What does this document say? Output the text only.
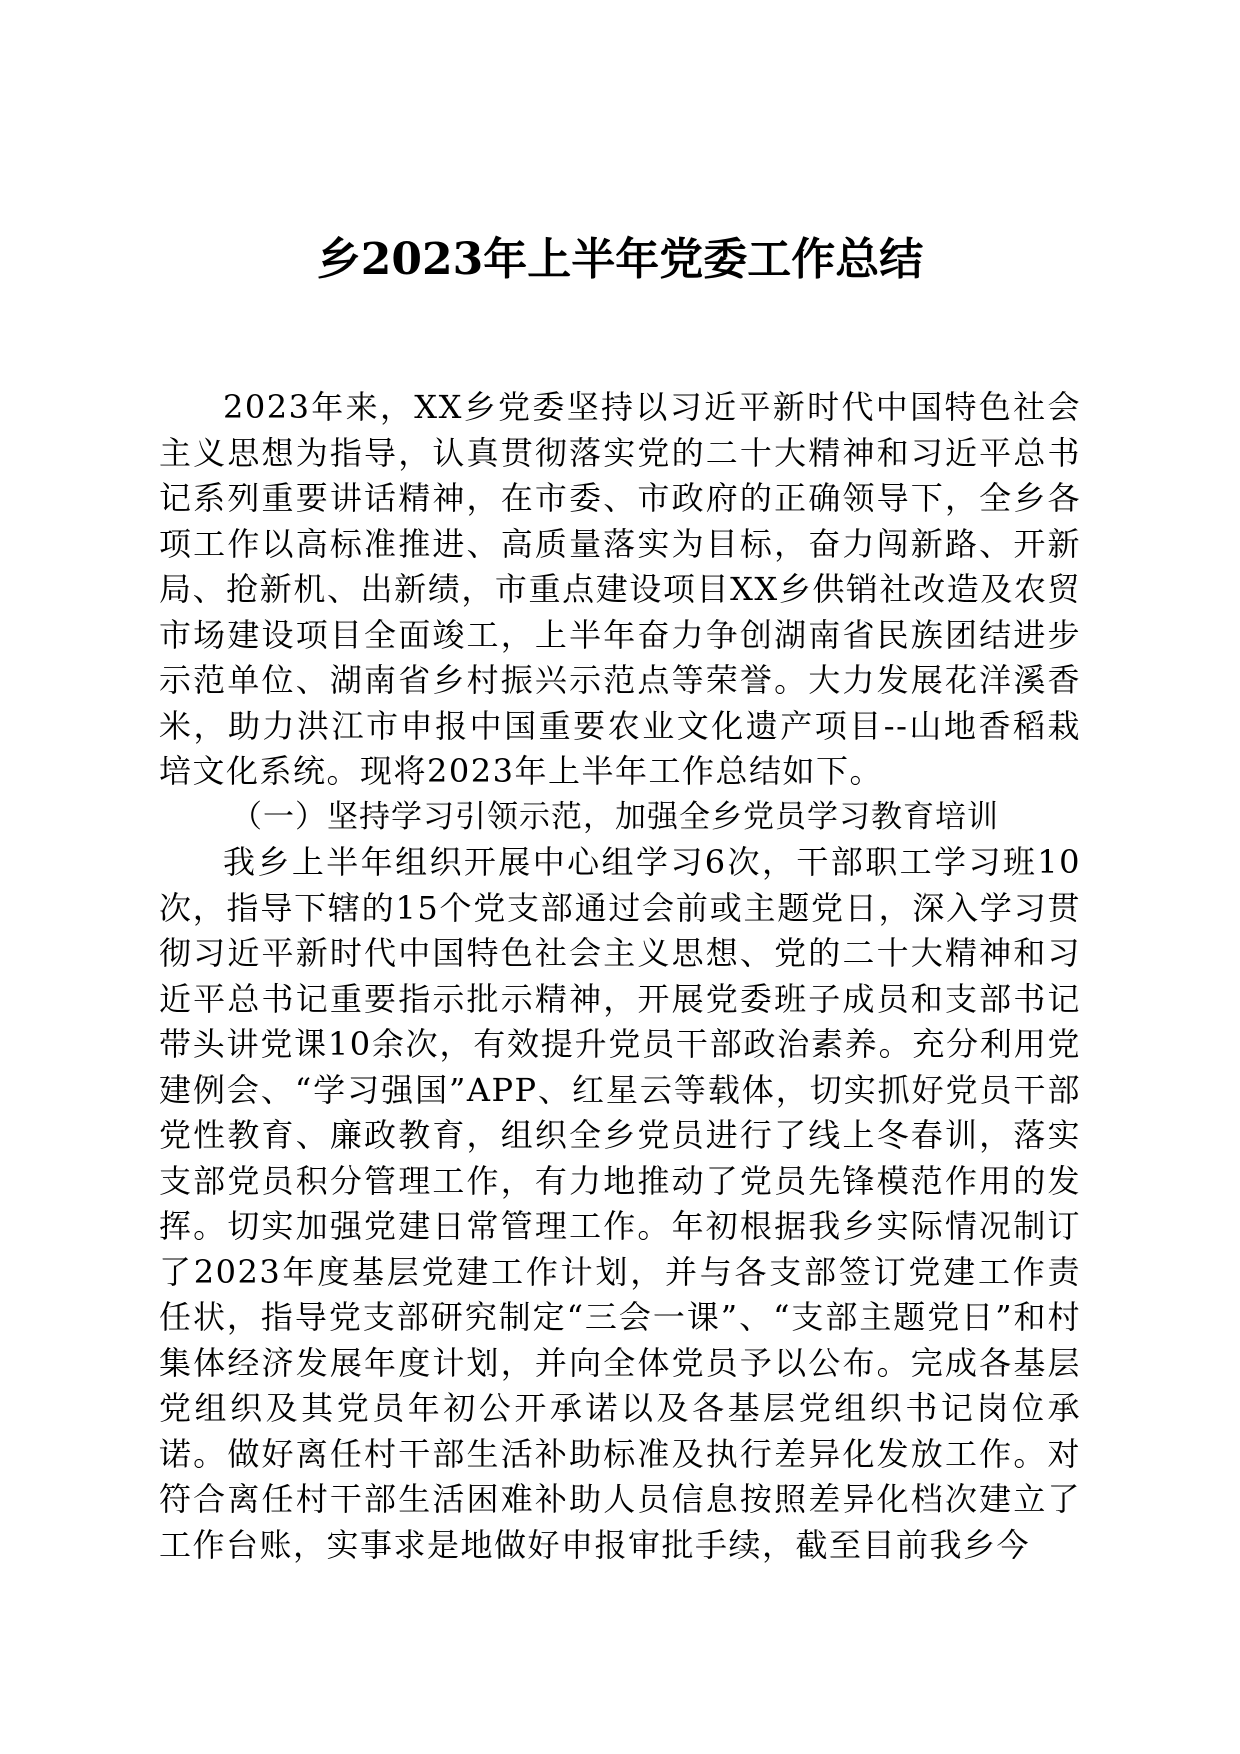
乡2023年上半年党委工作总结

2023年来，XX乡党委坚持以习近平新时代中国特色社会主义思想为指导，认真贯彻落实党的二十大精神和习近平总书记系列重要讲话精神，在市委、市政府的正确领导下，全乡各项工作以高标准推进、高质量落实为目标，奋力闯新路、开新局、抢新机、出新绩，市重点建设项目XX乡供销社改造及农贸市场建设项目全面竣工，上半年奋力争创湖南省民族团结进步示范单位、湖南省乡村振兴示范点等荣誉。大力发展花洋溪香米，助力洪江市申报中国重要农业文化遗产项目--山地香稻栽培文化系统。现将2023年上半年工作总结如下。

（一）坚持学习引领示范，加强全乡党员学习教育培训

我乡上半年组织开展中心组学习6次，干部职工学习班10次，指导下辖的15个党支部通过会前或主题党日，深入学习贯彻习近平新时代中国特色社会主义思想、党的二十大精神和习近平总书记重要指示批示精神，开展党委班子成员和支部书记带头讲党课10余次，有效提升党员干部政治素养。充分利用党建例会、“学习强国”APP、红星云等载体，切实抓好党员干部党性教育、廉政教育，组织全乡党员进行了线上冬春训，落实支部党员积分管理工作，有力地推动了党员先锋模范作用的发挥。切实加强党建日常管理工作。年初根据我乡实际情况制订了2023年度基层党建工作计划，并与各支部签订党建工作责任状，指导党支部研究制定“三会一课”、“支部主题党日”和村集体经济发展年度计划，并向全体党员予以公布。完成各基层党组织及其党员年初公开承诺以及各基层党组织书记岗位承诺。做好离任村干部生活补助标准及执行差异化发放工作。对符合离任村干部生活困难补助人员信息按照差异化档次建立了工作台账，实事求是地做好申报审批手续，截至目前我乡今
